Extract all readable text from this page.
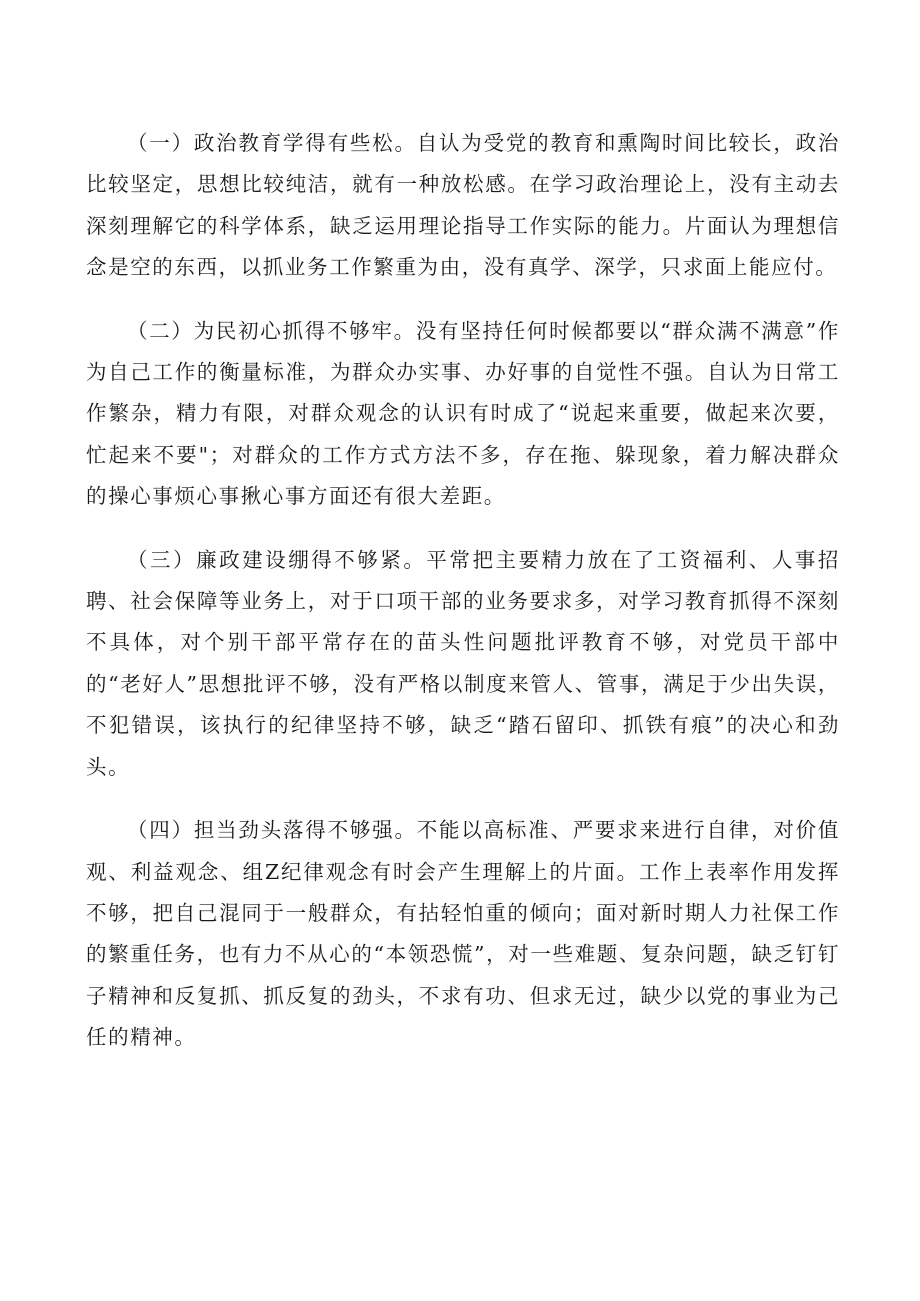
（一）政治教育学得有些松。自认为受党的教育和熏陶时间比较长，政治比较坚定，思想比较纯洁，就有一种放松感。在学习政治理论上，没有主动去深刻理解它的科学体系，缺乏运用理论指导工作实际的能力。片面认为理想信念是空的东西，以抓业务工作繁重为由，没有真学、深学，只求面上能应付。

（二）为民初心抓得不够牢。没有坚持任何时候都要以“群众满不满意”作为自己工作的衡量标准，为群众办实事、办好事的自觉性不强。自认为日常工作繁杂，精力有限，对群众观念的认识有时成了“说起来重要，做起来次要，忙起来不要"；对群众的工作方式方法不多，存在拖、躲现象，着力解决群众的操心事烦心事揪心事方面还有很大差距。

（三）廉政建设绷得不够紧。平常把主要精力放在了工资福利、人事招聘、社会保障等业务上，对于口项干部的业务要求多，对学习教育抓得不深刻不具体，对个别干部平常存在的苗头性问题批评教育不够，对党员干部中的“老好人”思想批评不够，没有严格以制度来管人、管事，满足于少出失误，不犯错误，该执行的纪律坚持不够，缺乏“踏石留印、抓铁有痕”的决心和劲头。

（四）担当劲头落得不够强。不能以高标准、严要求来进行自律，对价值观、利益观念、组Z纪律观念有时会产生理解上的片面。工作上表率作用发挥不够，把自己混同于一般群众，有拈轻怕重的倾向；面对新时期人力社保工作的繁重任务，也有力不从心的“本领恐慌”，对一些难题、复杂问题，缺乏钉钉子精神和反复抓、抓反复的劲头，不求有功、但求无过，缺少以党的事业为己任的精神。
